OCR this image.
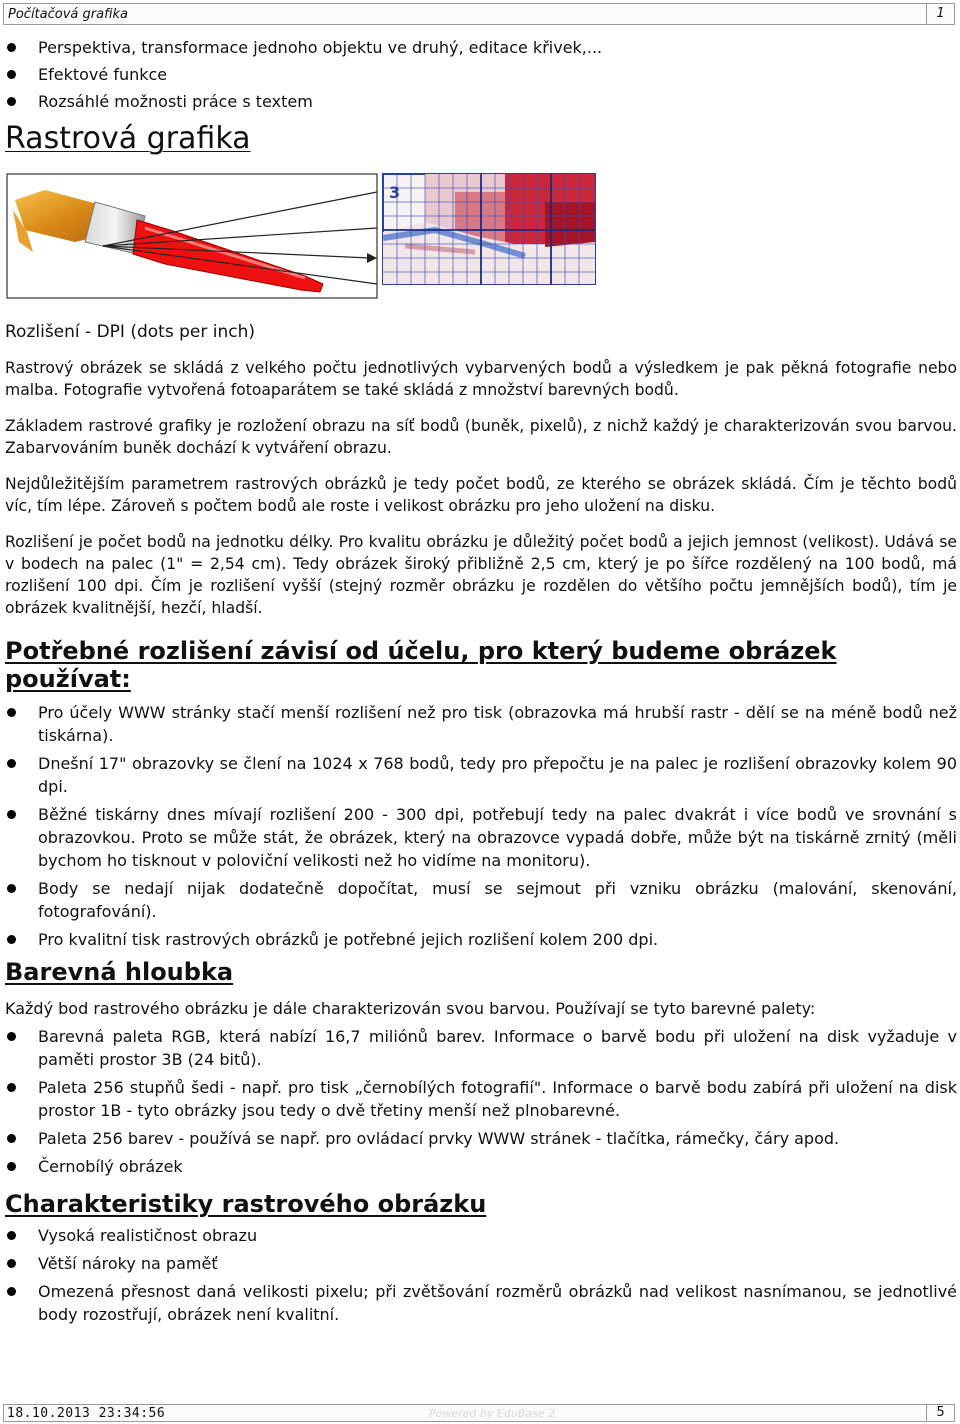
Počítačová grafika	1
Perspektiva, transformace jednoho objektu ve druhý, editace křivek,...
Efektové funkce
Rozsáhlé možnosti práce s textem
Rastrová grafika
3

Rozlišení - DPI (dots per inch)

Rastrový obrázek se skládá z velkého počtu jednotlivých vybarvených bodů a výsledkem je pak pěkná fotografie nebo malba. Fotografie vytvořená fotoaparátem se také skládá z množství barevných bodů.

Základem rastrové grafiky je rozložení obrazu na síť bodů (buněk, pixelů), z nichž každý je charakterizován svou barvou. Zabarvováním buněk dochází k vytváření obrazu.

Nejdůležitějším parametrem rastrových obrázků je tedy počet bodů, ze kterého se obrázek skládá. Čím je těchto bodů víc, tím lépe. Zároveň s počtem bodů ale roste i velikost obrázku pro jeho uložení na disku.

Rozlišení je počet bodů na jednotku délky. Pro kvalitu obrázku je důležitý počet bodů a jejich jemnost (velikost). Udává se v bodech na palec (1" = 2,54 cm). Tedy obrázek široký přibližně 2,5 cm, který je po šířce rozdělený na 100 bodů, má rozlišení 100 dpi. Čím je rozlišení vyšší (stejný rozměr obrázku je rozdělen do většího počtu jemnějších bodů), tím je obrázek kvalitnější, hezčí, hladší.

Potřebné rozlišení závisí od účelu, pro který budeme obrázek používat:
Pro účely WWW stránky stačí menší rozlišení než pro tisk (obrazovka má hrubší rastr - dělí se na méně bodů než tiskárna).
Dnešní 17" obrazovky se člení na 1024 x 768 bodů, tedy pro přepočtu je na palec je rozlišení obrazovky kolem 90 dpi.
Běžné tiskárny dnes mívají rozlišení 200 - 300 dpi, potřebují tedy na palec dvakrát i více bodů ve srovnání s obrazovkou. Proto se může stát, že obrázek, který na obrazovce vypadá dobře, může být na tiskárně zrnitý (měli bychom ho tisknout v poloviční velikosti než ho vidíme na monitoru).
Body se nedají nijak dodatečně dopočítat, musí se sejmout při vzniku obrázku (malování, skenování, fotografování).
Pro kvalitní tisk rastrových obrázků je potřebné jejich rozlišení kolem 200 dpi.
Barevná hloubka

Každý bod rastrového obrázku je dále charakterizován svou barvou. Používají se tyto barevné palety:

Barevná paleta RGB, která nabízí 16,7 miliónů barev. Informace o barvě bodu při uložení na disk vyžaduje v paměti prostor 3B (24 bitů).
Paleta 256 stupňů šedi - např. pro tisk „černobílých fotografií". Informace o barvě bodu zabírá při uložení na disk prostor 1B - tyto obrázky jsou tedy o dvě třetiny menší než plnobarevné.
Paleta 256 barev - používá se např. pro ovládací prvky WWW stránek - tlačítka, rámečky, čáry apod.
Černobílý obrázek
Charakteristiky rastrového obrázku
Vysoká realističnost obrazu
Větší nároky na paměť
Omezená přesnost daná velikosti pixelu; při zvětšování rozměrů obrázků nad velikost nasnímanou, se jednotlivé body rozostřují, obrázek není kvalitní.
18.10.2013 23:34:56	Powered by EduBase 2	5
